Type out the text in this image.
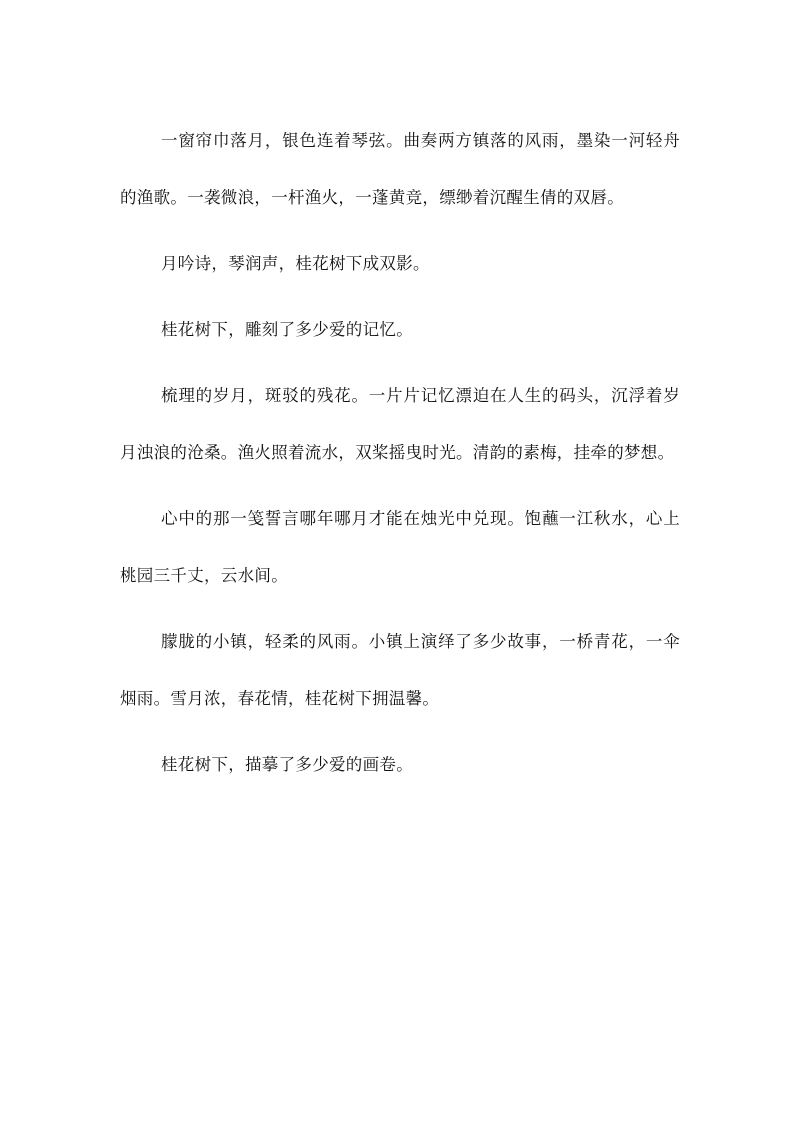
一窗帘巾落月，银色连着琴弦。曲奏两方镇落的风雨，墨染一河轻舟的渔歌。一袭微浪，一杆渔火，一蓬黄竞，缥缈着沉醒生倩的双唇。

月吟诗，琴润声，桂花树下成双影。

桂花树下，雕刻了多少爱的记忆。

梳理的岁月，斑驳的残花。一片片记忆漂迫在人生的码头，沉浮着岁月浊浪的沧桑。渔火照着流水，双桨摇曳时光。清韵的素梅，挂牵的梦想。

心中的那一笺誓言哪年哪月才能在烛光中兑现。饱蘸一江秋水，心上桃园三千丈，云水间。

朦胧的小镇，轻柔的风雨。小镇上演绎了多少故事，一桥青花，一伞烟雨。雪月浓，春花情，桂花树下拥温馨。

桂花树下，描摹了多少爱的画卷。
